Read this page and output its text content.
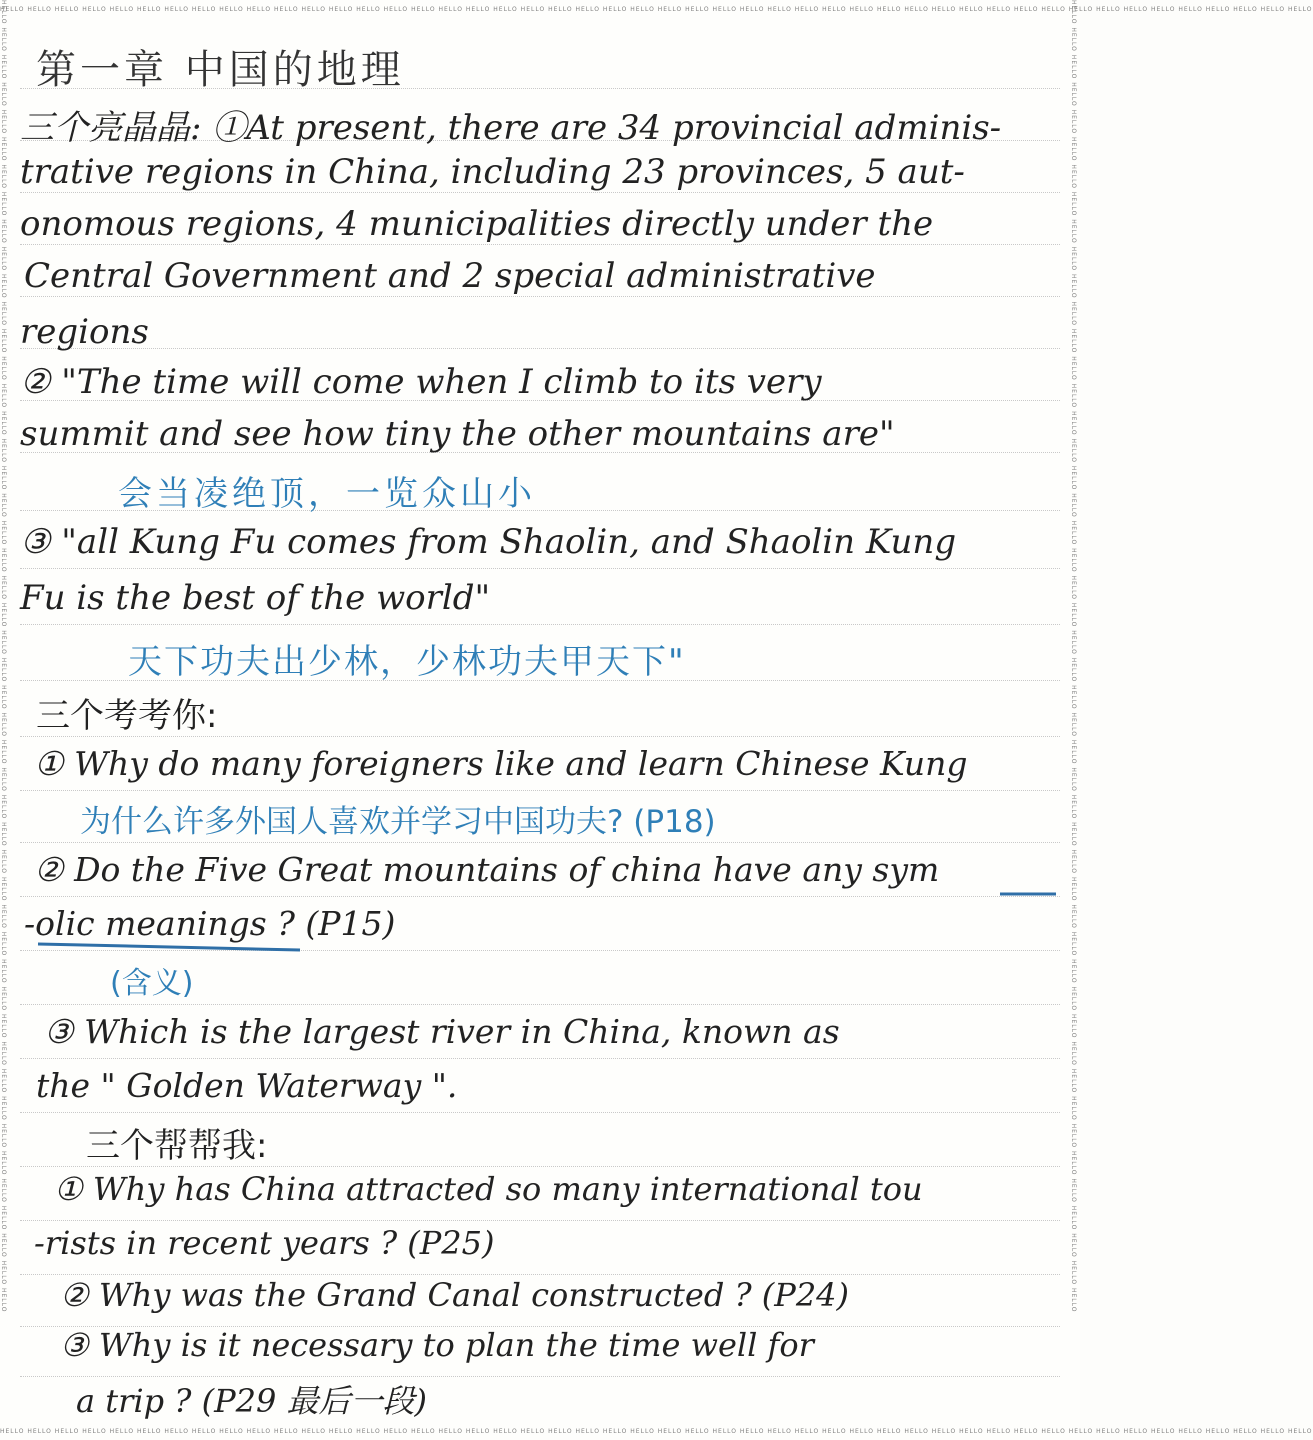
HELLO HELLO HELLO HELLO HELLO HELLO HELLO HELLO HELLO HELLO HELLO HELLO HELLO HELLO HELLO HELLO HELLO HELLO HELLO HELLO HELLO HELLO HELLO HELLO HELLO HELLO HELLO HELLO HELLO HELLO HELLO HELLO HELLO HELLO HELLO HELLO HELLO HELLO HELLO HELLO HELLO HELLO HELLO HELLO HELLO HELLO HELLO HELLO
HELLO HELLO HELLO HELLO HELLO HELLO HELLO HELLO HELLO HELLO HELLO HELLO HELLO HELLO HELLO HELLO HELLO HELLO HELLO HELLO HELLO HELLO HELLO HELLO HELLO HELLO HELLO HELLO HELLO HELLO HELLO HELLO HELLO HELLO HELLO HELLO HELLO HELLO HELLO HELLO HELLO HELLO HELLO HELLO HELLO HELLO HELLO HELLO
HELLO HELLO HELLO HELLO HELLO HELLO HELLO HELLO HELLO HELLO HELLO HELLO HELLO HELLO HELLO HELLO HELLO HELLO HELLO HELLO HELLO HELLO HELLO HELLO HELLO HELLO HELLO HELLO HELLO HELLO HELLO HELLO HELLO HELLO HELLO HELLO HELLO HELLO HELLO HELLO HELLO HELLO HELLO HELLO HELLO HELLO HELLO HELLO	HELLO HELLO HELLO HELLO HELLO HELLO HELLO HELLO HELLO HELLO HELLO HELLO HELLO HELLO HELLO HELLO HELLO HELLO HELLO HELLO HELLO HELLO HELLO HELLO HELLO HELLO HELLO HELLO HELLO HELLO HELLO HELLO HELLO HELLO HELLO HELLO HELLO HELLO HELLO HELLO HELLO HELLO HELLO HELLO HELLO HELLO HELLO HELLO
第一章 中国的地理
三个亮晶晶: ①At present, there are 34 provincial adminis-
trative regions in China, including 23 provinces, 5 aut-
onomous regions, 4 municipalities directly under the
Central Government and 2 special administrative
regions
② "The time will come when I climb to its very
summit and see how tiny the other mountains are"
会当凌绝顶，一览众山小
③ "all Kung Fu comes from Shaolin, and Shaolin Kung
Fu is the best of the world"
天下功夫出少林，少林功夫甲天下"
三个考考你:
① Why do many foreigners like and learn Chinese Kung
为什么许多外国人喜欢并学习中国功夫? (P18)
② Do the Five Great mountains of china have any sym
-olic meanings ? (P15)
(含义)
③ Which is the largest river in China, known as
the " Golden Waterway ".
三个帮帮我:
① Why has China attracted so many international tou
-rists in recent years ? (P25)
② Why was the Grand Canal constructed ? (P24)
③ Why is it necessary to plan the time well for
a trip ? (P29 最后一段)
